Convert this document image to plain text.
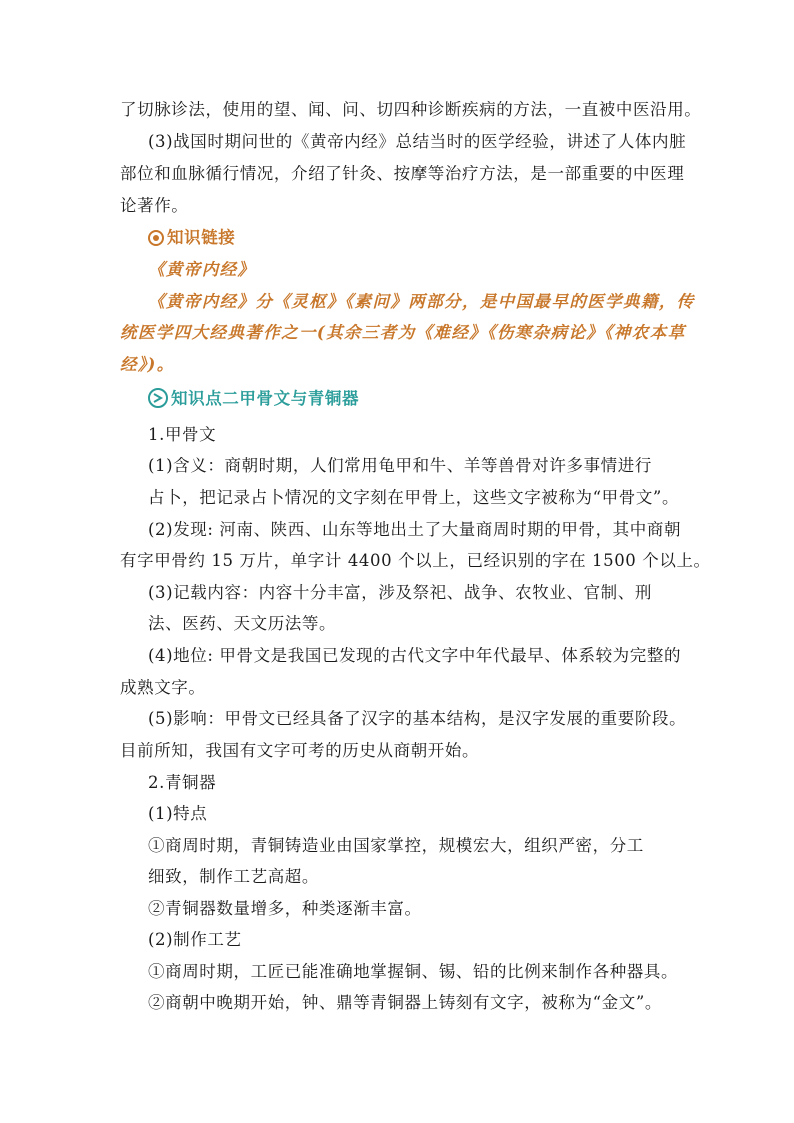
了切脉诊法，使用的望、闻、问、切四种诊断疾病的方法，一直被中医沿用。
(3)战国时期问世的《黄帝内经》总结当时的医学经验，讲述了人体内脏
部位和血脉循行情况，介绍了针灸、按摩等治疗方法，是一部重要的中医理
论著作。
知识链接
《黄帝内经》
《黄帝内经》分《灵枢》《素问》两部分，是中国最早的医学典籍，传
统医学四大经典著作之一(其余三者为《难经》《伤寒杂病论》《神农本草
经》)。
知识点二甲骨文与青铜器
1.甲骨文
(1)含义：商朝时期，人们常用龟甲和牛、羊等兽骨对许多事情进行
占卜，把记录占卜情况的文字刻在甲骨上，这些文字被称为“甲骨文”。
(2)发现: 河南、陕西、山东等地出土了大量商周时期的甲骨，其中商朝
有字甲骨约 15 万片，单字计 4400 个以上，已经识别的字在 1500 个以上。
(3)记载内容：内容十分丰富，涉及祭祀、战争、农牧业、官制、刑
法、医药、天文历法等。
(4)地位: 甲骨文是我国已发现的古代文字中年代最早、体系较为完整的
成熟文字。
(5)影响：甲骨文已经具备了汉字的基本结构，是汉字发展的重要阶段。
目前所知，我国有文字可考的历史从商朝开始。
2.青铜器
(1)特点
①商周时期，青铜铸造业由国家掌控，规模宏大，组织严密，分工
细致，制作工艺高超。
②青铜器数量增多，种类逐渐丰富。
(2)制作工艺
①商周时期，工匠已能准确地掌握铜、锡、铅的比例来制作各种器具。
②商朝中晚期开始，钟、鼎等青铜器上铸刻有文字，被称为“金文”。
